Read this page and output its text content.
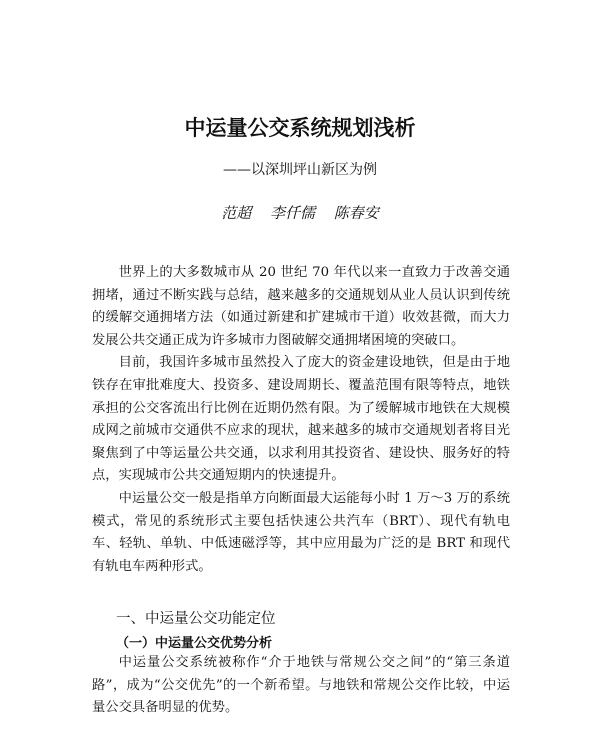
中运量公交系统规划浅析
——以深圳坪山新区为例
范超 李仟儒 陈春安

世界上的大多数城市从 20 世纪 70 年代以来一直致力于改善交通拥堵，通过不断实践与总结，越来越多的交通规划从业人员认识到传统的缓解交通拥堵方法（如通过新建和扩建城市干道）收效甚微，而大力发展公共交通正成为许多城市力图破解交通拥堵困境的突破口。

目前，我国许多城市虽然投入了庞大的资金建设地铁，但是由于地铁存在审批难度大、投资多、建设周期长、覆盖范围有限等特点，地铁承担的公交客流出行比例在近期仍然有限。为了缓解城市地铁在大规模成网之前城市交通供不应求的现状，越来越多的城市交通规划者将目光聚焦到了中等运量公共交通，以求利用其投资省、建设快、服务好的特点，实现城市公共交通短期内的快速提升。

中运量公交一般是指单方向断面最大运能每小时 1 万～3 万的系统模式，常见的系统形式主要包括快速公共汽车（BRT）、现代有轨电车、轻轨、单轨、中低速磁浮等，其中应用最为广泛的是 BRT 和现代有轨电车两种形式。

一、中运量公交功能定位
（一）中运量公交优势分析

中运量公交系统被称作“介于地铁与常规公交之间”的“第三条道路”，成为“公交优先”的一个新希望。与地铁和常规公交作比较，中运量公交具备明显的优势。
